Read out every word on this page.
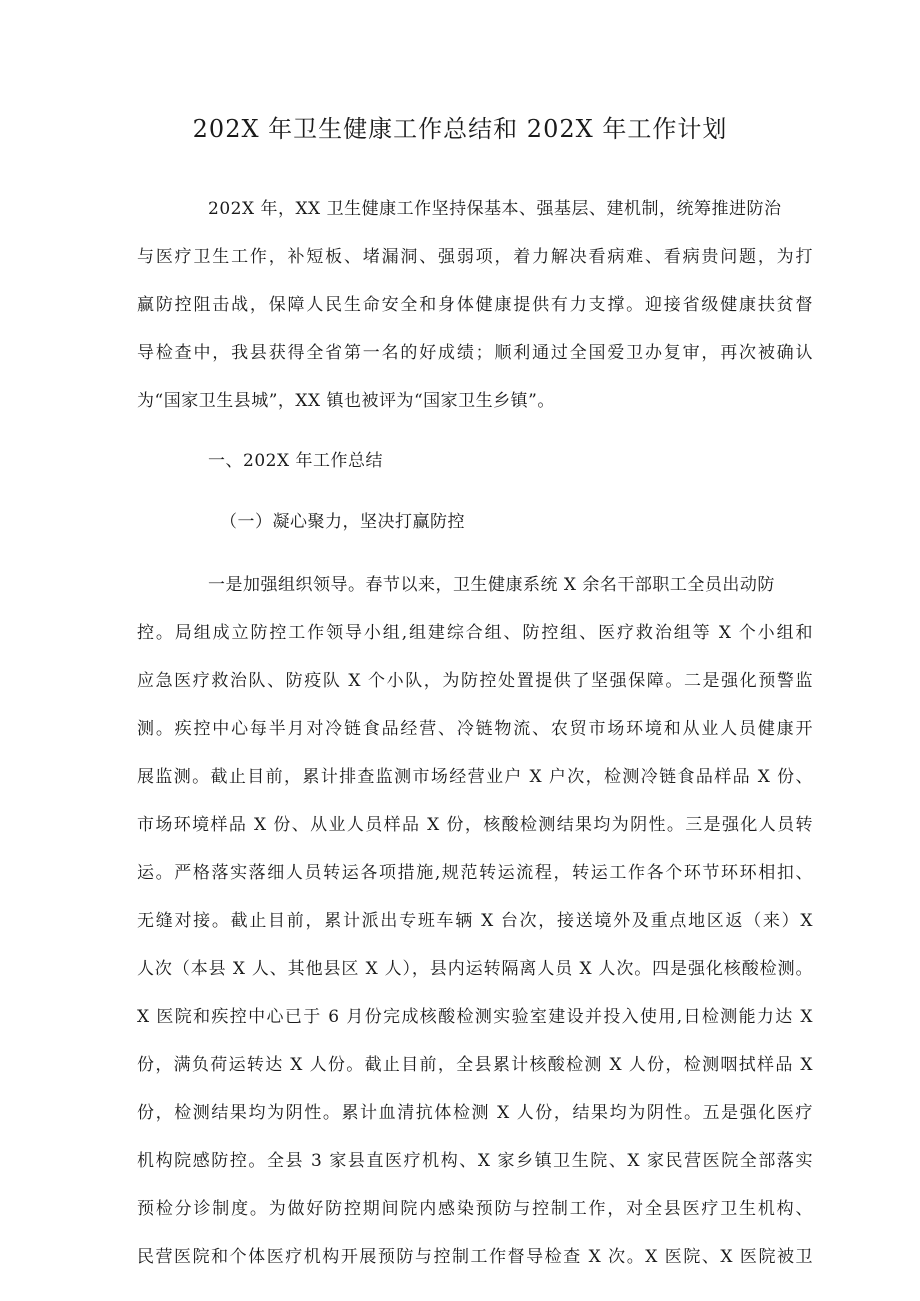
202X 年卫生健康工作总结和 202X 年工作计划
202X 年，XX 卫生健康工作坚持保基本、强基层、建机制，统筹推进防治
与医疗卫生工作，补短板、堵漏洞、强弱项，着力解决看病难、看病贵问题，为打
赢防控阻击战，保障人民生命安全和身体健康提供有力支撑。迎接省级健康扶贫督
导检查中，我县获得全省第一名的好成绩；顺利通过全国爱卫办复审，再次被确认
为“国家卫生县城”，XX 镇也被评为“国家卫生乡镇”。
一、202X 年工作总结
（一）凝心聚力，坚决打赢防控
一是加强组织领导。春节以来，卫生健康系统 X 余名干部职工全员出动防
控。局组成立防控工作领导小组,组建综合组、防控组、医疗救治组等 X 个小组和
应急医疗救治队、防疫队 X 个小队，为防控处置提供了坚强保障。二是强化预警监
测。疾控中心每半月对冷链食品经营、冷链物流、农贸市场环境和从业人员健康开
展监测。截止目前，累计排查监测市场经营业户 X 户次，检测冷链食品样品 X 份、
市场环境样品 X 份、从业人员样品 X 份，核酸检测结果均为阴性。三是强化人员转
运。严格落实落细人员转运各项措施,规范转运流程，转运工作各个环节环环相扣、
无缝对接。截止目前，累计派出专班车辆 X 台次，接送境外及重点地区返（来）X
人次（本县 X 人、其他县区 X 人），县内运转隔离人员 X 人次。四是强化核酸检测。
X 医院和疾控中心已于 6 月份完成核酸检测实验室建设并投入使用,日检测能力达 X
份，满负荷运转达 X 人份。截止目前，全县累计核酸检测 X 人份，检测咽拭样品 X
份，检测结果均为阴性。累计血清抗体检测 X 人份，结果均为阴性。五是强化医疗
机构院感防控。全县 3 家县直医疗机构、X 家乡镇卫生院、X 家民营医院全部落实
预检分诊制度。为做好防控期间院内感染预防与控制工作，对全县医疗卫生机构、
民营医院和个体医疗机构开展预防与控制工作督导检查 X 次。X 医院、X 医院被卫
